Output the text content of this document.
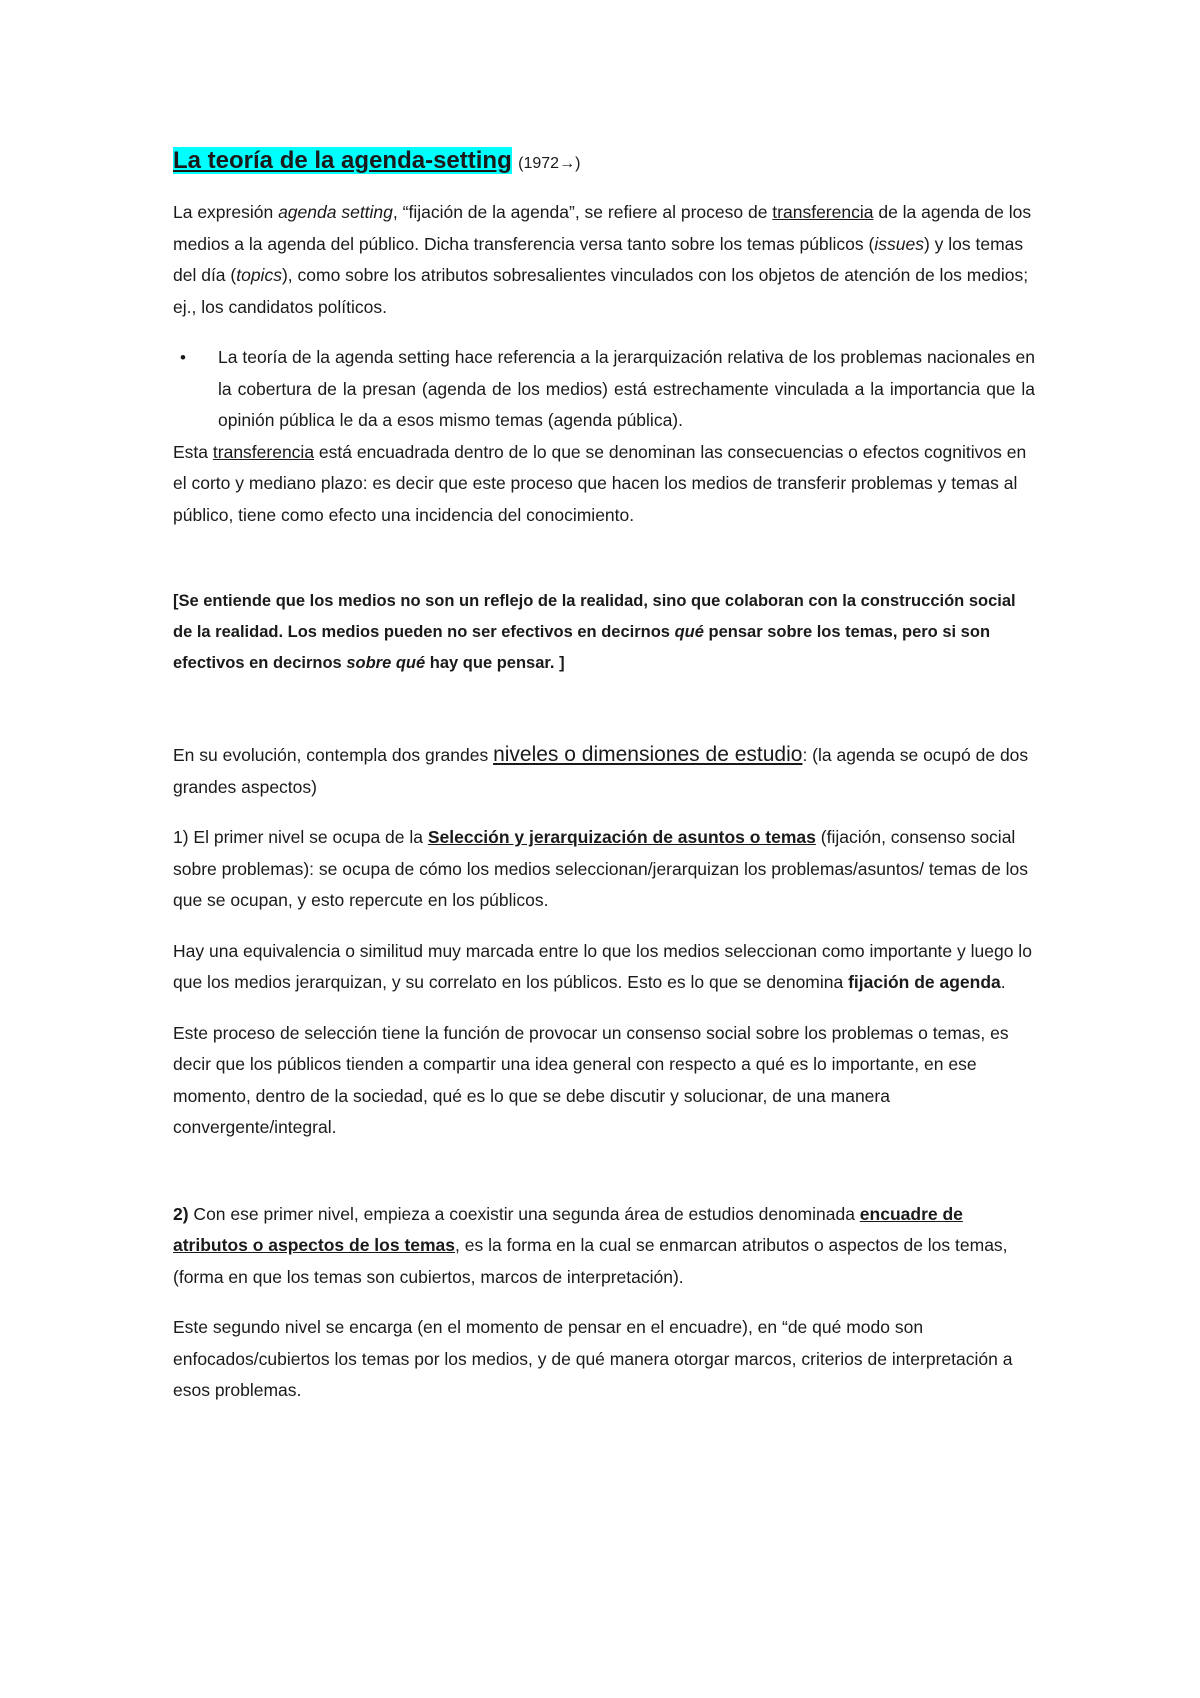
La teoría de la agenda-setting (1972→)

La expresión agenda setting, “fijación de la agenda”, se refiere al proceso de transferencia de la agenda de los medios a la agenda del público. Dicha transferencia versa tanto sobre los temas públicos (issues) y los temas del día (topics), como sobre los atributos sobresalientes vinculados con los objetos de atención de los medios; ej., los candidatos políticos.

• La teoría de la agenda setting hace referencia a la jerarquización relativa de los problemas nacionales en la cobertura de la presan (agenda de los medios) está estrechamente vinculada a la importancia que la opinión pública le da a esos mismo temas (agenda pública).

Esta transferencia está encuadrada dentro de lo que se denominan las consecuencias o efectos cognitivos en el corto y mediano plazo: es decir que este proceso que hacen los medios de transferir problemas y temas al público, tiene como efecto una incidencia del conocimiento.

[Se entiende que los medios no son un reflejo de la realidad, sino que colaboran con la construcción social de la realidad. Los medios pueden no ser efectivos en decirnos qué pensar sobre los temas, pero si son efectivos en decirnos sobre qué hay que pensar. ]

En su evolución, contempla dos grandes niveles o dimensiones de estudio: (la agenda se ocupó de dos grandes aspectos)

1) El primer nivel se ocupa de la Selección y jerarquización de asuntos o temas (fijación, consenso social sobre problemas): se ocupa de cómo los medios seleccionan/jerarquizan los problemas/asuntos/ temas de los que se ocupan, y esto repercute en los públicos.

Hay una equivalencia o similitud muy marcada entre lo que los medios seleccionan como importante y luego lo que los medios jerarquizan, y su correlato en los públicos. Esto es lo que se denomina fijación de agenda.

Este proceso de selección tiene la función de provocar un consenso social sobre los problemas o temas, es decir que los públicos tienden a compartir una idea general con respecto a qué es lo importante, en ese momento, dentro de la sociedad, qué es lo que se debe discutir y solucionar, de una manera convergente/integral.

2) Con ese primer nivel, empieza a coexistir una segunda área de estudios denominada encuadre de atributos o aspectos de los temas, es la forma en la cual se enmarcan atributos o aspectos de los temas, (forma en que los temas son cubiertos, marcos de interpretación).

Este segundo nivel se encarga (en el momento de pensar en el encuadre), en “de qué modo son enfocados/cubiertos los temas por los medios, y de qué manera otorgar marcos, criterios de interpretación a esos problemas.
